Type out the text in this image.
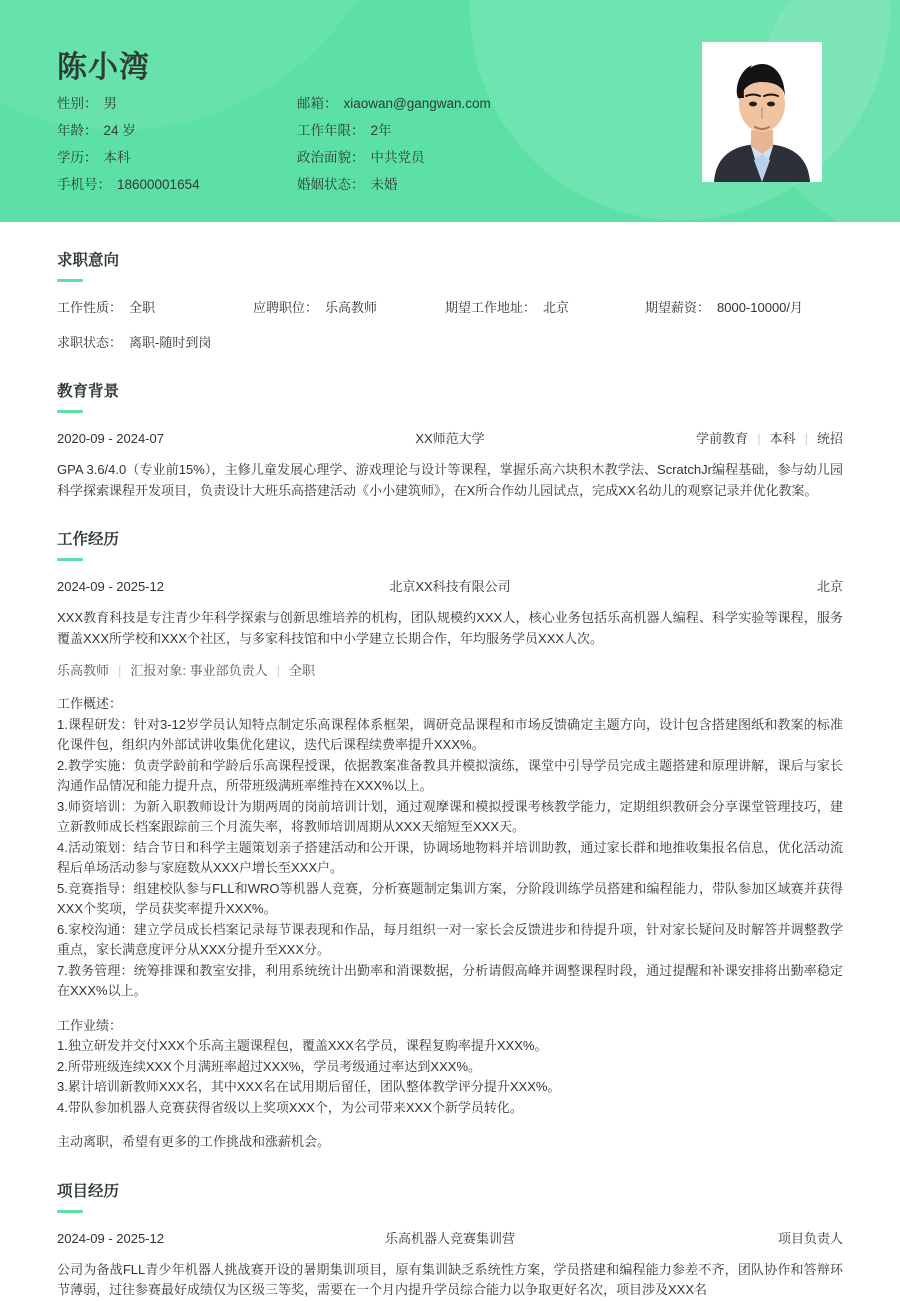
陈小湾
性别： 男	邮箱： xiaowan@gangwan.com
年龄： 24 岁	工作年限： 2年
学历： 本科	政治面貌： 中共党员
手机号： 18600001654	婚姻状态： 未婚
求职意向
工作性质： 全职	应聘职位： 乐高教师	期望工作地址： 北京	期望薪资： 8000-10000/月
求职状态： 离职-随时到岗
教育背景
2020-09 - 2024-07	XX师范大学	学前教育 | 本科 | 统招
GPA 3.6/4.0（专业前15%），主修儿童发展心理学、游戏理论与设计等课程，掌握乐高六块积木教学法、ScratchJr编程基础，参与幼儿园科学探索课程开发项目，负责设计大班乐高搭建活动《小小建筑师》，在X所合作幼儿园试点，完成XX名幼儿的观察记录并优化教案。
工作经历
2024-09 - 2025-12	北京XX科技有限公司	北京
XXX教育科技是专注青少年科学探索与创新思维培养的机构，团队规模约XXX人，核心业务包括乐高机器人编程、科学实验等课程，服务覆盖XXX所学校和XXX个社区，与多家科技馆和中小学建立长期合作，年均服务学员XXX人次。
乐高教师 | 汇报对象: 事业部负责人 | 全职
工作概述：
1.课程研发：针对3-12岁学员认知特点制定乐高课程体系框架，调研竞品课程和市场反馈确定主题方向，设计包含搭建图纸和教案的标准化课件包，组织内外部试讲收集优化建议，迭代后课程续费率提升XXX%。
2.教学实施：负责学龄前和学龄后乐高课程授课，依据教案准备教具并模拟演练，课堂中引导学员完成主题搭建和原理讲解，课后与家长沟通作品情况和能力提升点，所带班级满班率维持在XXX%以上。
3.师资培训：为新入职教师设计为期两周的岗前培训计划，通过观摩课和模拟授课考核教学能力，定期组织教研会分享课堂管理技巧，建立新教师成长档案跟踪前三个月流失率，将教师培训周期从XXX天缩短至XXX天。
4.活动策划：结合节日和科学主题策划亲子搭建活动和公开课，协调场地物料并培训助教，通过家长群和地推收集报名信息，优化活动流程后单场活动参与家庭数从XXX户增长至XXX户。
5.竞赛指导：组建校队参与FLL和WRO等机器人竞赛，分析赛题制定集训方案，分阶段训练学员搭建和编程能力，带队参加区域赛并获得XXX个奖项，学员获奖率提升XXX%。
6.家校沟通：建立学员成长档案记录每节课表现和作品，每月组织一对一家长会反馈进步和待提升项，针对家长疑问及时解答并调整教学重点，家长满意度评分从XXX分提升至XXX分。
7.教务管理：统筹排课和教室安排，利用系统统计出勤率和消课数据，分析请假高峰并调整课程时段，通过提醒和补课安排将出勤率稳定在XXX%以上。
工作业绩：
1.独立研发并交付XXX个乐高主题课程包，覆盖XXX名学员，课程复购率提升XXX%。
2.所带班级连续XXX个月满班率超过XXX%，学员考级通过率达到XXX%。
3.累计培训新教师XXX名，其中XXX名在试用期后留任，团队整体教学评分提升XXX%。
4.带队参加机器人竞赛获得省级以上奖项XXX个，为公司带来XXX个新学员转化。
主动离职，希望有更多的工作挑战和涨薪机会。
项目经历
2024-09 - 2025-12	乐高机器人竞赛集训营	项目负责人
公司为备战FLL青少年机器人挑战赛开设的暑期集训项目，原有集训缺乏系统性方案，学员搭建和编程能力参差不齐，团队协作和答辩环节薄弱，过往参赛最好成绩仅为区级三等奖，需要在一个月内提升学员综合能力以争取更好名次，项目涉及XXX名
